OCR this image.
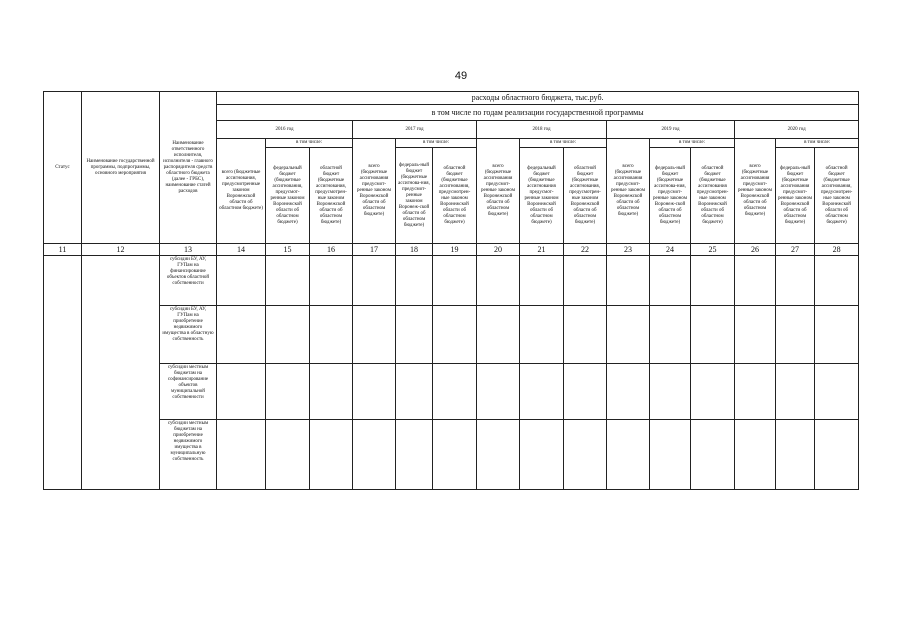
49
Статус	Наименование государственной программы, подпрограммы, основного мероприятия	Наименование ответственного исполнителя, исполнителя - главного распорядителя средств областного бюджета (далее - ГРБС), наименование статей расходов	расходы областного бюджета, тыс.руб.														
			в том числе по годам реализации государственной программы														
			2016 год			2017 год			2018 год			2019 год			2020 год		
			всего (бюджетные ассигнования, предусмотренные законом Воронежской области об областном бюджете)	в том числе:		всего (бюджетные ассигнования предусмот-ренные законом Воронежской области об областном бюджете)	в том числе:		всего (бюджетные ассигнования предусмот-ренные законом Воронежской области об областном бюджете)	в том числе:		всего (бюджетные ассигнования предусмот-ренные законом Воронежской области об областном бюджете)	в том числе:		всего (бюджетные ассигнования предусмот-ренные законом Воронежской области об областном бюджете)	в том числе:	
				федеральный бюджет (бюджетные ассигнования, предусмот-ренные законом Воронежской области об областном бюджете)	областной бюджет (бюджетные ассигнования, предусмотрен-ные законом Воронежской области об областном бюджете)		федераль-ный бюджет (бюджетные ассигнова-ния, предусмот-ренные законом Воронеж-ской области об областном бюджете)	областной бюджет (бюджетные ассигнования, предусмотрен-ные законом Воронежской области об областном бюджете)		федеральный бюджет (бюджетные ассигнования предусмот-ренные законом Воронежской области об областном бюджете)	областной бюджет (бюджетные ассигнования, предусмотрен-ные законом Воронежской области об областном бюджете)		федераль-ный бюджет (бюджетные ассигнова-ния, предусмот-ренные законом Воронеж-ской области об областном бюджете)	областной бюджет (бюджетные ассигнования предусмотрен-ные законом Воронежской области об областном бюджете)		федераль-ный бюджет (бюджетные ассигнования предусмот-ренные законом Воронежской области об областном бюджете)	областной бюджет (бюджетные ассигнования, предусмотрен-ные законом Воронежской области об областном бюджете)
11	12	13	14	15	16	17	18	19	20	21	22	23	24	25	26	27	28
		субсидии БУ, АУ, ГУПам на финансирование объектов областной собственности															
		субсидии БУ, АУ, ГУПам на приобретение недвижимого имущества в областную собственность															
		субсидии местным бюджетам на софинансирование объектов муниципальной собственности															
		субсидии местным бюджетам на приобретение недвижимого имущества в муниципальную собственность															
